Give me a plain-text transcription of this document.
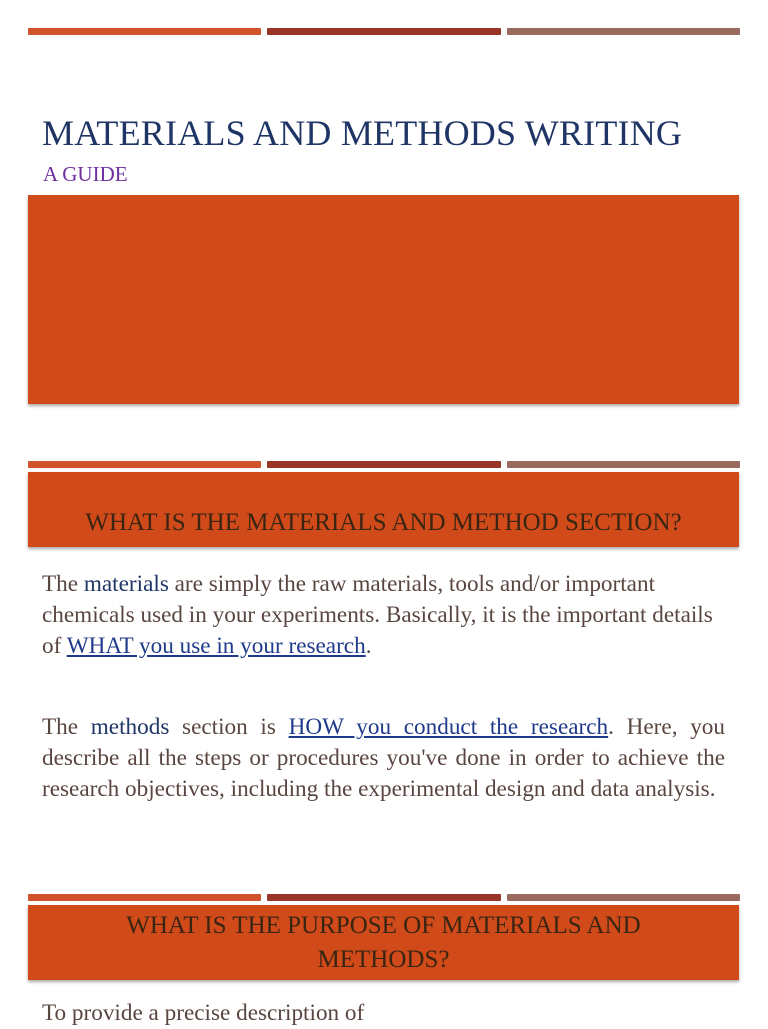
MATERIALS AND METHODS WRITING

A GUIDE

WHAT IS THE MATERIALS AND METHOD SECTION?

The materials are simply the raw materials, tools and/or important chemicals used in your experiments. Basically, it is the important details of WHAT you use in your research.

The methods section is HOW you conduct the research. Here, you describe all the steps or procedures you've done in order to achieve the research objectives, including the experimental design and data analysis.

WHAT IS THE PURPOSE OF MATERIALS AND
METHODS?

To provide a precise description of
